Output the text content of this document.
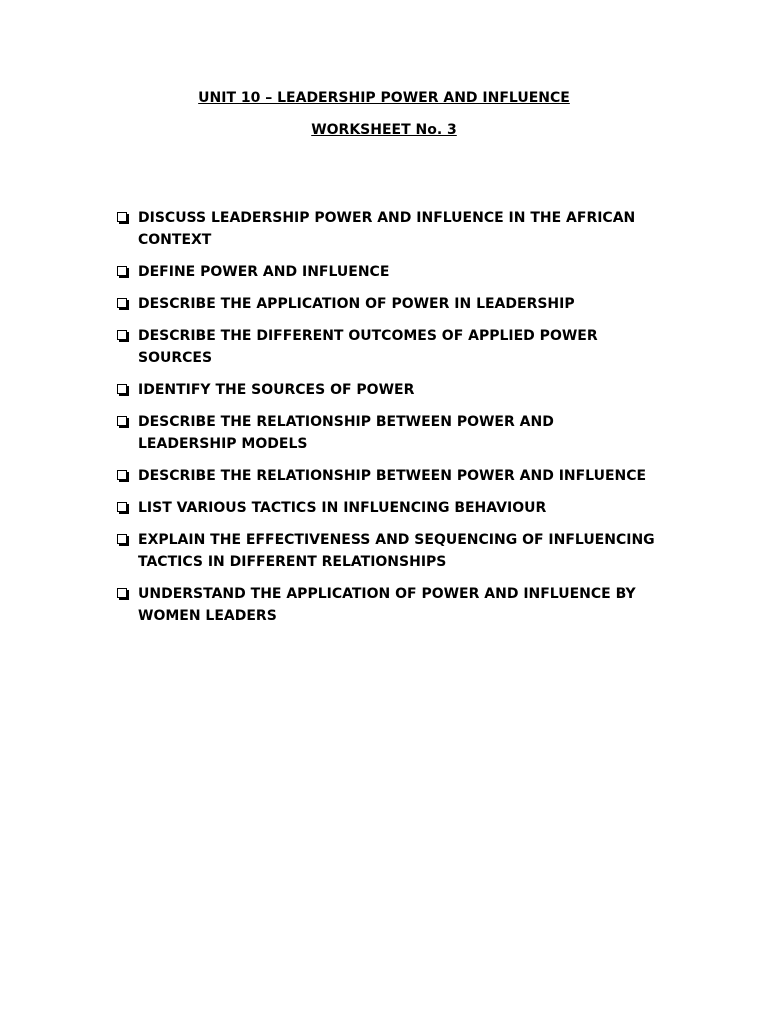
UNIT 10 – LEADERSHIP POWER AND INFLUENCE
WORKSHEET No. 3
DISCUSS LEADERSHIP POWER AND INFLUENCE IN THE AFRICAN CONTEXT
DEFINE POWER AND INFLUENCE
DESCRIBE THE APPLICATION OF POWER IN LEADERSHIP
DESCRIBE THE DIFFERENT OUTCOMES OF APPLIED POWER SOURCES
IDENTIFY THE SOURCES OF POWER
DESCRIBE THE RELATIONSHIP BETWEEN POWER AND LEADERSHIP MODELS
DESCRIBE THE RELATIONSHIP BETWEEN POWER AND INFLUENCE
LIST VARIOUS TACTICS IN INFLUENCING BEHAVIOUR
EXPLAIN THE EFFECTIVENESS AND SEQUENCING OF INFLUENCING TACTICS IN DIFFERENT RELATIONSHIPS
UNDERSTAND THE APPLICATION OF POWER AND INFLUENCE BY WOMEN LEADERS
